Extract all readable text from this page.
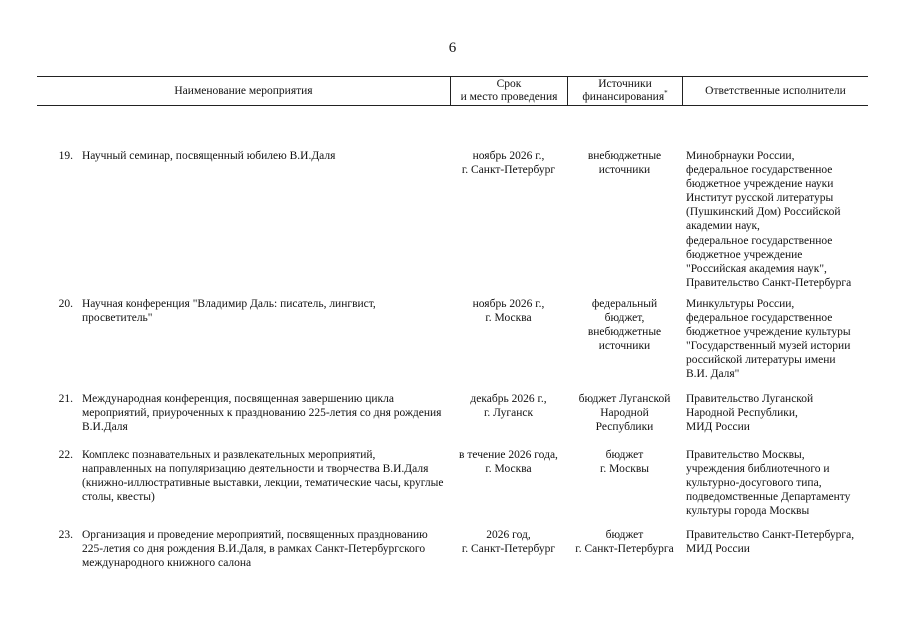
6
Наименование мероприятия
Срок
и место проведения
Источники
финансирования*	Ответственные исполнители
19. Научный семинар, посвященный юбилею В.И.Даля	ноябрь 2026 г.,
г. Санкт-Петербург
внебюджетные
источники
Минобрнауки России,
федеральное государственное
бюджетное учреждение науки
Институт русской литературы
(Пушкинский Дом) Российской
академии наук,
федеральное государственное
бюджетное учреждение
"Российская академия наук",
Правительство Санкт-Петербурга
20. Научная конференция "Владимир Даль: писатель, лингвист,
просветитель"
ноябрь 2026 г.,
г. Москва
федеральный
бюджет,
внебюджетные
источники
Минкультуры России,
федеральное государственное
бюджетное учреждение культуры
"Государственный музей истории
российской литературы имени
В.И. Даля"
21. Международная конференция, посвященная завершению цикла
мероприятий, приуроченных к празднованию 225-летия со дня рождения
В.И.Даля
декабрь 2026 г.,
г. Луганск
бюджет Луганской
Народной
Республики
Правительство Луганской
Народной Республики,
МИД России
22. Комплекс познавательных и развлекательных мероприятий,
направленных на популяризацию деятельности и творчества В.И.Даля
(книжно-иллюстративные выставки, лекции, тематические часы, круглые
столы, квесты)
в течение 2026 года,
г. Москва
бюджет
г. Москвы
Правительство Москвы,
учреждения библиотечного и
культурно-досугового типа,
подведомственные Департаменту
культуры города Москвы
23. Организация и проведение мероприятий, посвященных празднованию
225-летия со дня рождения В.И.Даля, в рамках Санкт-Петербургского
международного книжного салона
2026 год,
г. Санкт-Петербург
бюджет
г. Санкт-Петербурга
Правительство Санкт-Петербурга,
МИД России
